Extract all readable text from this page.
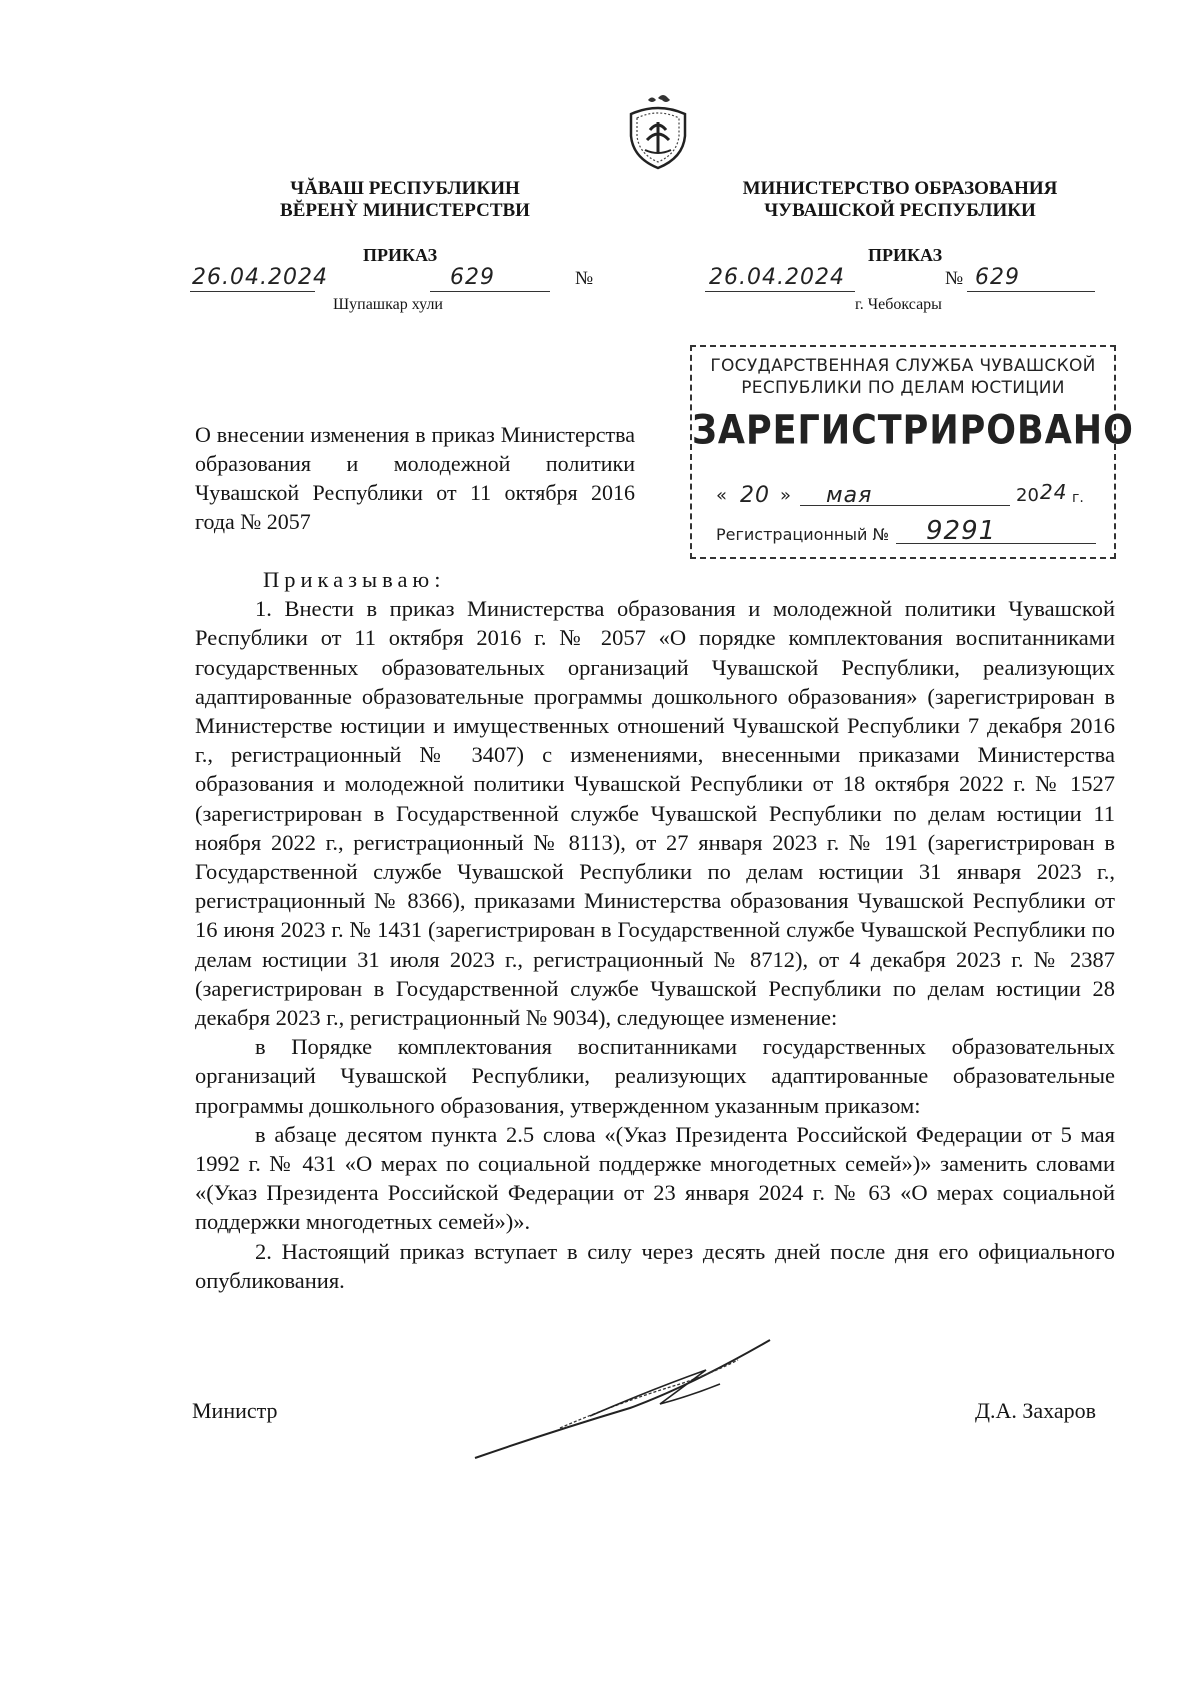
ЧĂВАШ РЕСПУБЛИКИН
ВĔРЕНỲ МИНИСТЕРСТВИ
МИНИСТЕРСТВО ОБРАЗОВАНИЯ
ЧУВАШСКОЙ РЕСПУБЛИКИ
ПРИКАЗ	ПРИКАЗ
26.04.2024	629	№
Шупашкар хули
26.04.2024	№ 629
г. Чебоксары
ГОСУДАРСТВЕННАЯ СЛУЖБА ЧУВАШСКОЙ
РЕСПУБЛИКИ ПО ДЕЛАМ ЮСТИЦИИ
ЗАРЕГИСТРИРОВАНО
« 20 » мая	20 24 г.
Регистрационный № 9291
О внесении изменения в приказ Министерства образования и молодежной политики Чувашской Республики от 11 октября 2016 года № 2057

Приказываю:

1. Внести в приказ Министерства образования и молодежной политики Чувашской Республики от 11 октября 2016 г. № 2057 «О порядке комплектования воспитанниками государственных образовательных организаций Чувашской Республики, реализующих адаптированные образовательные программы дошкольного образования» (зарегистрирован в Министерстве юстиции и имущественных отношений Чувашской Республики 7 декабря 2016 г., регистрационный № 3407) с изменениями, внесенными приказами Министерства образования и молодежной политики Чувашской Республики от 18 октября 2022 г. № 1527 (зарегистрирован в Государственной службе Чувашской Республики по делам юстиции 11 ноября 2022 г., регистрационный № 8113), от 27 января 2023 г. № 191 (зарегистрирован в Государственной службе Чувашской Республики по делам юстиции 31 января 2023 г., регистрационный № 8366), приказами Министерства образования Чувашской Республики от 16 июня 2023 г. № 1431 (зарегистрирован в Государственной службе Чувашской Республики по делам юстиции 31 июля 2023 г., регистрационный № 8712), от 4 декабря 2023 г. № 2387 (зарегистрирован в Государственной службе Чувашской Республики по делам юстиции 28 декабря 2023 г., регистрационный № 9034), следующее изменение:

в Порядке комплектования воспитанниками государственных образовательных организаций Чувашской Республики, реализующих адаптированные образовательные программы дошкольного образования, утвержденном указанным приказом:

в абзаце десятом пункта 2.5 слова «(Указ Президента Российской Федерации от 5 мая 1992 г. № 431 «О мерах по социальной поддержке многодетных семей»)» заменить словами «(Указ Президента Российской Федерации от 23 января 2024 г. № 63 «О мерах социальной поддержки многодетных семей»)».

2. Настоящий приказ вступает в силу через десять дней после дня его официального опубликования.

Министр	Д.А. Захаров
